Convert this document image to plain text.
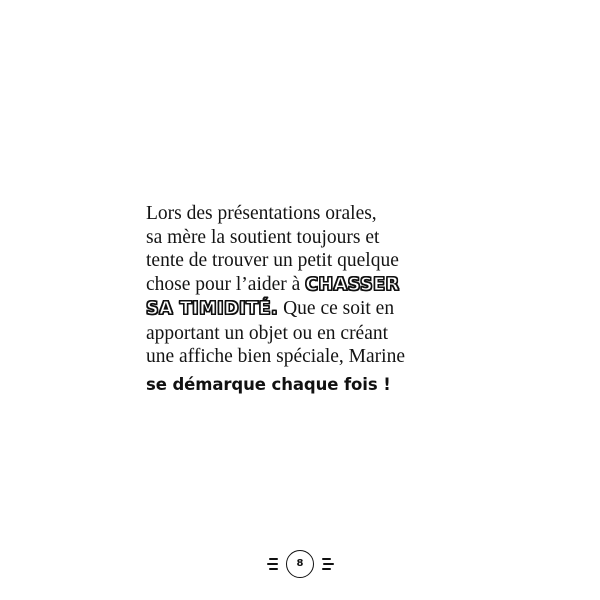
Lors des présentations orales,
sa mère la soutient toujours et
tente de trouver un petit quelque
chose pour l’aider à CHASSER
SA TIMIDITÉ. Que ce soit en
apportant un objet ou en créant
une affiche bien spéciale, Marine
se démarque chaque fois !

8
